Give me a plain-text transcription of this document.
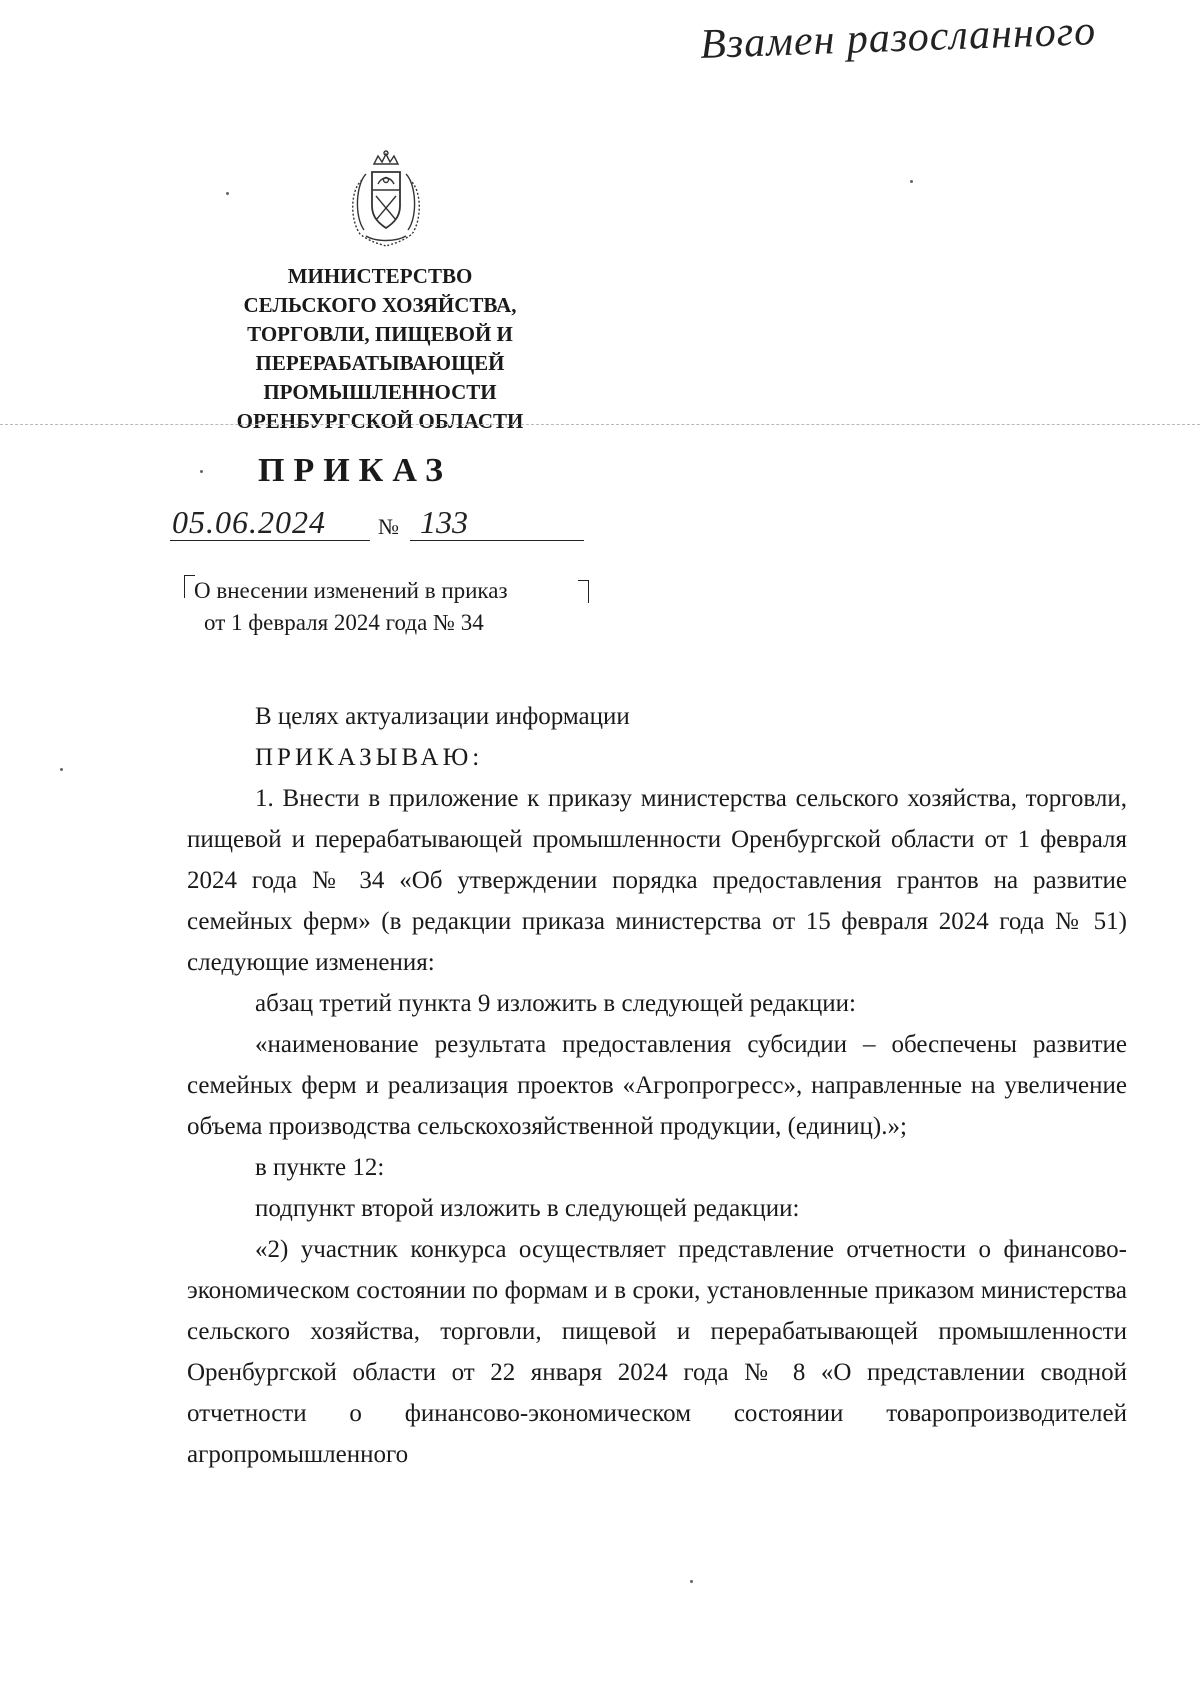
Взамен разосланного
МИНИСТЕРСТВО
СЕЛЬСКОГО ХОЗЯЙСТВА,
ТОРГОВЛИ, ПИЩЕВОЙ И
ПЕРЕРАБАТЫВАЮЩЕЙ
ПРОМЫШЛЕННОСТИ
ОРЕНБУРГСКОЙ ОБЛАСТИ
ПРИКАЗ
05.06.2024 № 133
О внесении изменений в приказ
от 1 февраля 2024 года № 34

В целях актуализации информации

ПРИКАЗЫВАЮ:

1. Внести в приложение к приказу министерства сельского хозяйства, торговли, пищевой и перерабатывающей промышленности Оренбургской области от 1 февраля 2024 года № 34 «Об утверждении порядка предоставления грантов на развитие семейных ферм» (в редакции приказа министерства от 15 февраля 2024 года № 51) следующие изменения:

абзац третий пункта 9 изложить в следующей редакции:

«наименование результата предоставления субсидии – обеспечены развитие семейных ферм и реализация проектов «Агропрогресс», направленные на увеличение объема производства сельскохозяйственной продукции, (единиц).»;

в пункте 12:

подпункт второй изложить в следующей редакции:

«2) участник конкурса осуществляет представление отчетности о финансово-экономическом состоянии по формам и в сроки, установленные приказом министерства сельского хозяйства, торговли, пищевой и перерабатывающей промышленности Оренбургской области от 22 января 2024 года № 8 «О представлении сводной отчетности о финансово-экономическом состоянии товаропроизводителей агропромышленного
